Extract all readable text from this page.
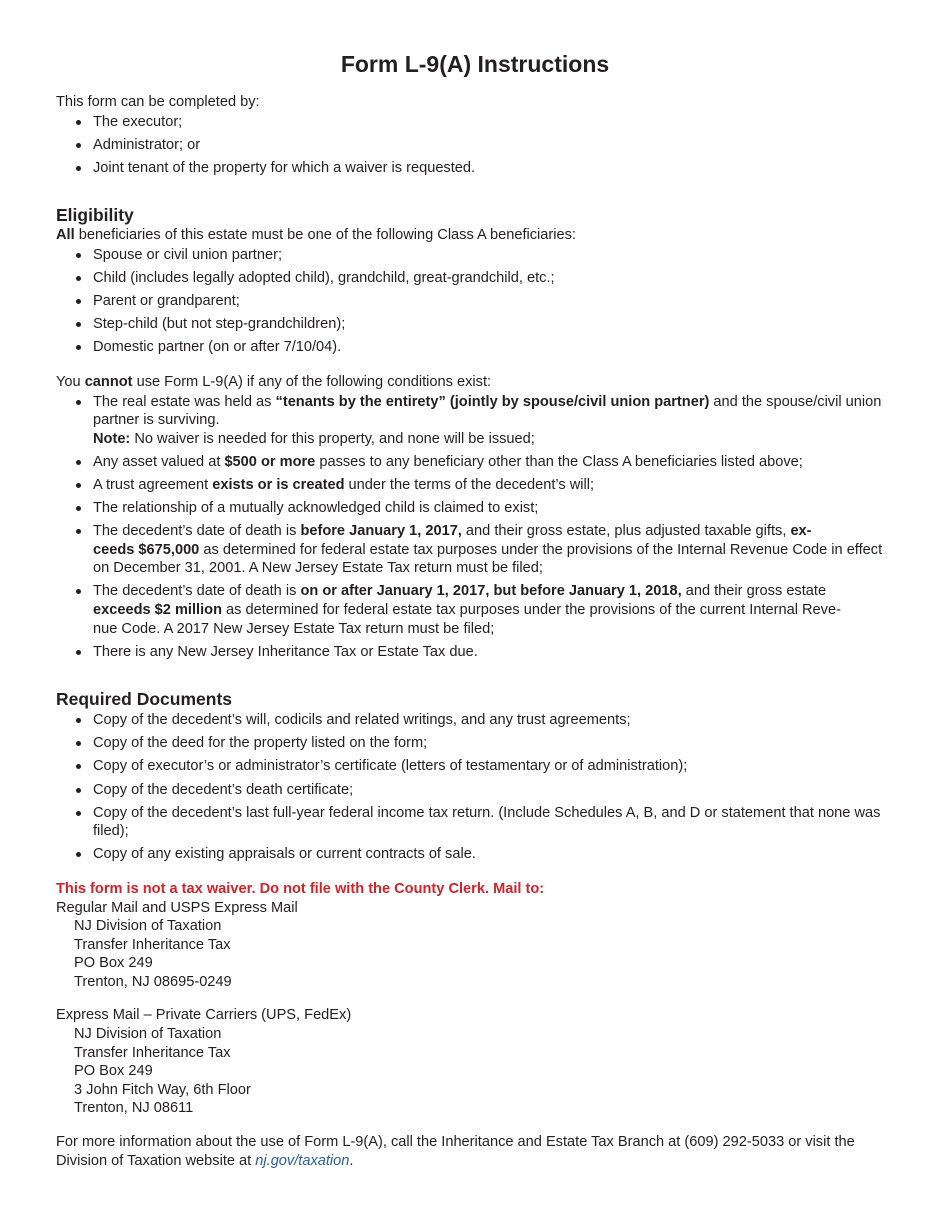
Form L-9(A) Instructions

This form can be completed by:

The executor;
Administrator; or
Joint tenant of the property for which a waiver is requested.
Eligibility

All beneficiaries of this estate must be one of the following Class A beneficiaries:

Spouse or civil union partner;
Child (includes legally adopted child), grandchild, great-grandchild, etc.;
Parent or grandparent;
Step-child (but not step-grandchildren);
Domestic partner (on or after 7/10/04).

You cannot use Form L-9(A) if any of the following conditions exist:

The real estate was held as “tenants by the entirety” (jointly by spouse/civil union partner) and the spouse/civil union partner is surviving.
Note: No waiver is needed for this property, and none will be issued;
Any asset valued at $500 or more passes to any beneficiary other than the Class A beneficiaries listed above;
A trust agreement exists or is created under the terms of the decedent’s will;
The relationship of a mutually acknowledged child is claimed to exist;
The decedent’s date of death is before January 1, 2017, and their gross estate, plus adjusted taxable gifts, ex-
ceeds $675,000 as determined for federal estate tax purposes under the provisions of the Internal Revenue Code in effect on December 31, 2001. A New Jersey Estate Tax return must be filed;
The decedent’s date of death is on or after January 1, 2017, but before January 1, 2018, and their gross estate
exceeds $2 million as determined for federal estate tax purposes under the provisions of the current Internal Reve-
nue Code. A 2017 New Jersey Estate Tax return must be filed;
There is any New Jersey Inheritance Tax or Estate Tax due.
Required Documents
Copy of the decedent’s will, codicils and related writings, and any trust agreements;
Copy of the deed for the property listed on the form;
Copy of executor’s or administrator’s certificate (letters of testamentary or of administration);
Copy of the decedent’s death certificate;
Copy of the decedent’s last full-year federal income tax return. (Include Schedules A, B, and D or statement that none was filed);
Copy of any existing appraisals or current contracts of sale.

This form is not a tax waiver. Do not file with the County Clerk. Mail to:

Regular Mail and USPS Express Mail

NJ Division of Taxation
Transfer Inheritance Tax
PO Box 249
Trenton, NJ 08695-0249

Express Mail – Private Carriers (UPS, FedEx)

NJ Division of Taxation
Transfer Inheritance Tax
PO Box 249
3 John Fitch Way, 6th Floor
Trenton, NJ 08611

For more information about the use of Form L-9(A), call the Inheritance and Estate Tax Branch at (609) 292-5033 or visit the Division of Taxation website at nj.gov/taxation.
